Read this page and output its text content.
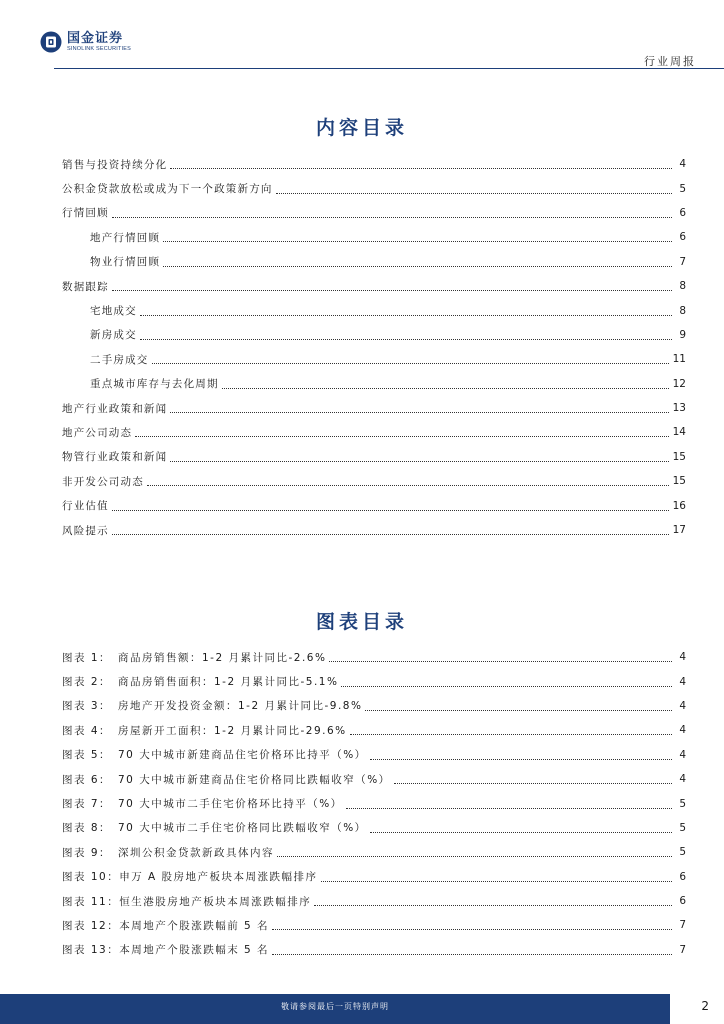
国金证券
SINOLINK SECURITIES
行业周报
内容目录
销售与投资持续分化	4
公积金贷款放松或成为下一个政策新方向	5
行情回顾	6
地产行情回顾	6
物业行情回顾	7
数据跟踪	8
宅地成交	8
新房成交	9
二手房成交	11
重点城市库存与去化周期	12
地产行业政策和新闻	13
地产公司动态	14
物管行业政策和新闻	15
非开发公司动态	15
行业估值	16
风险提示	17
图表目录
图表 1： 商品房销售额：1-2 月累计同比-2.6%	4
图表 2： 商品房销售面积：1-2 月累计同比-5.1%	4
图表 3： 房地产开发投资金额：1-2 月累计同比-9.8%	4
图表 4： 房屋新开工面积：1-2 月累计同比-29.6%	4
图表 5： 70 大中城市新建商品住宅价格环比持平（%）	4
图表 6： 70 大中城市新建商品住宅价格同比跌幅收窄（%）	4
图表 7： 70 大中城市二手住宅价格环比持平（%）	5
图表 8： 70 大中城市二手住宅价格同比跌幅收窄（%）	5
图表 9： 深圳公积金贷款新政具体内容	5
图表 10：申万 A 股房地产板块本周涨跌幅排序	6
图表 11：恒生港股房地产板块本周涨跌幅排序	6
图表 12：本周地产个股涨跌幅前 5 名	7
图表 13：本周地产个股涨跌幅末 5 名	7
敬请参阅最后一页特别声明	2
